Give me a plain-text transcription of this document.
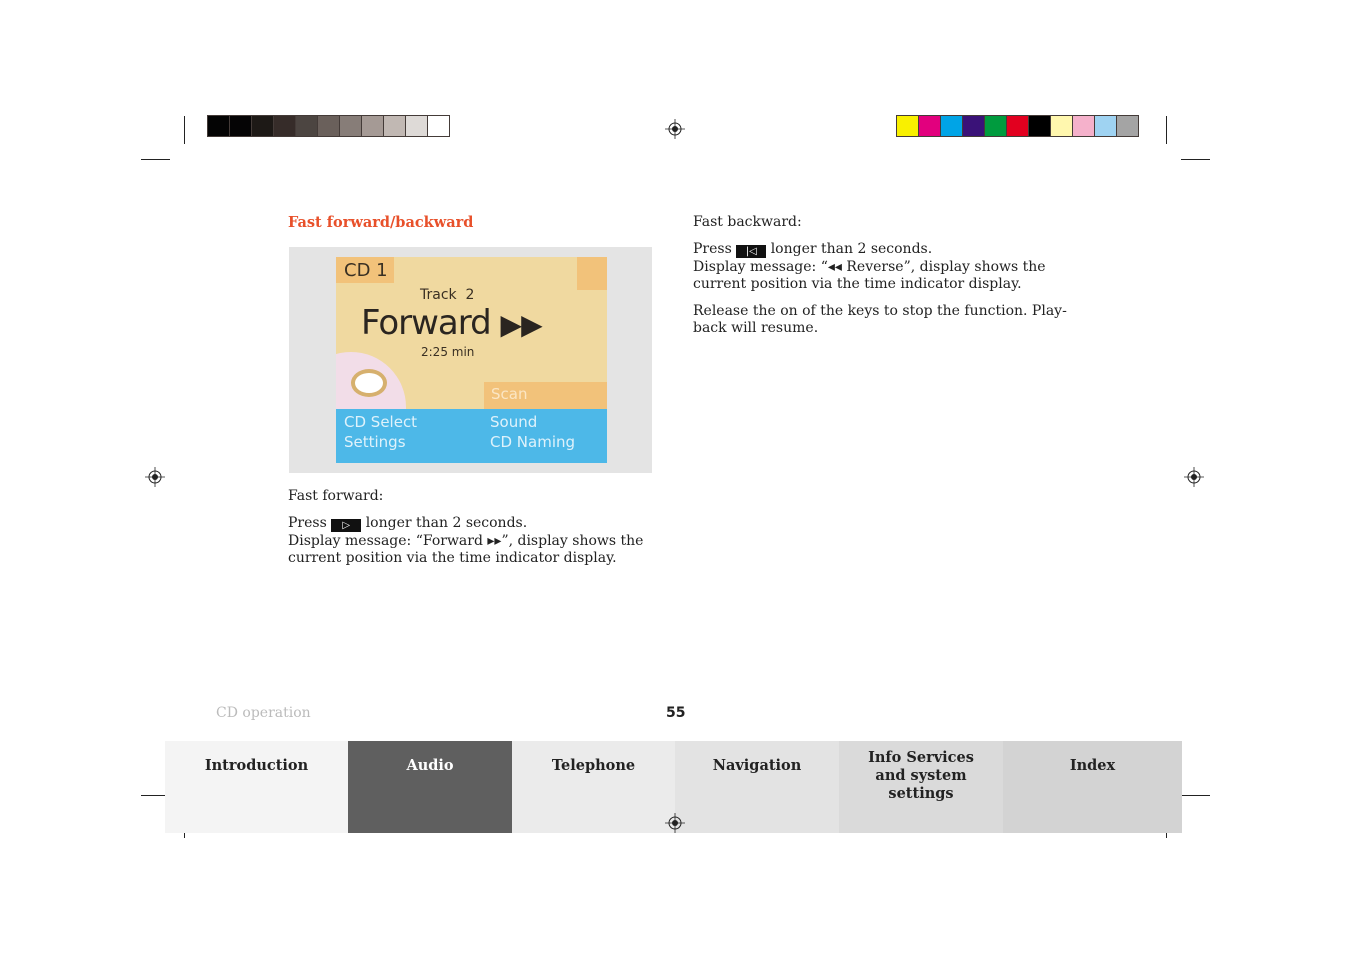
Fast forward/backward
CD 1
Track  2
Forward ▶▶
2:25 min
Scan
CD Select	Sound
Settings	CD Naming
Fast forward:
Press ▷ longer than 2 seconds.
Display message: “Forward ▸▸”, display shows the
current position via the time indicator display.
Fast backward:
Press |◁ longer than 2 seconds.
Display message: “◂◂ Reverse”, display shows the
current position via the time indicator display.
Release the on of the keys to stop the function. Play-
back will resume.
CD operation	55
Introduction	Audio	Telephone	Navigation	Info Services and system settings
Index
